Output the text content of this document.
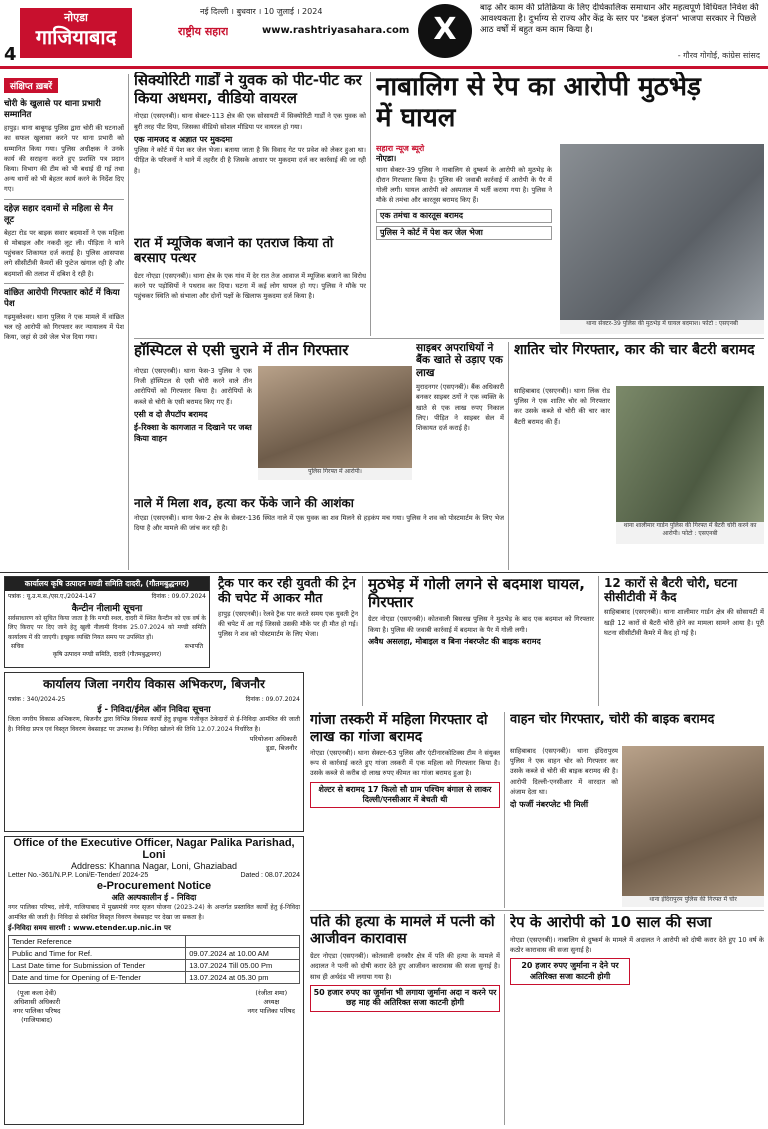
4
नोएडा
गाजियाबाद
नई दिल्ली । बुधवार । 10 जुलाई । 2024
राष्ट्रीय सहारा	www.rashtriyasahara.com X
बाढ़ और काम की प्रतिक्रिया के लिए दीर्घकालिक समाधान और महत्वपूर्ण विधिवत निवेश की आवश्यकता है। दुर्भाग्य से राज्य और केंद्र के स्तर पर 'डबल इंजन' भाजपा सरकार ने पिछले आठ वर्षों में बहुत कम काम किया है।
- गौरव गोगोई, कांग्रेस सांसद
संक्षिप्त ख़बरें
चोरी के खुलासे पर थाना प्रभारी सम्मानित
हापुड़। थाना बाबूगढ़ पुलिस द्वारा चोरी की घटनाओं का सफल खुलासा करने पर थाना प्रभारी को सम्मानित किया गया। पुलिस अधीक्षक ने उनके कार्य की सराहना करते हुए प्रशस्ति पत्र प्रदान किया। विभाग की टीम को भी बधाई दी गई तथा अन्य थानों को भी बेहतर कार्य करने के निर्देश दिए गए।
दहेज़ सहार दवामों से महिला से मैन लूट
बेहटा रोड पर बाइक सवार बदमाशों ने एक महिला से मोबाइल और नकदी लूट ली। पीड़िता ने थाने पहुंचकर शिकायत दर्ज कराई है। पुलिस आसपास लगे सीसीटीवी कैमरों की फुटेज खंगाल रही है और बदमाशों की तलाश में दबिश दे रही है।
वांछित आरोपी गिरफ्तार कोर्ट में किया पेश
गढ़मुक्तेश्वर। थाना पुलिस ने एक मामले में वांछित चल रहे आरोपी को गिरफ्तार कर न्यायालय में पेश किया, जहां से उसे जेल भेज दिया गया।
सिक्योरिटी गार्डों ने युवक को पीट-पीट कर किया अधमरा, वीडियो वायरल
नोएडा (एसएनबी)। थाना सेक्टर-113 क्षेत्र की एक सोसायटी में सिक्योरिटी गार्डों ने एक युवक को बुरी तरह पीट दिया, जिसका वीडियो सोशल मीडिया पर वायरल हो गया।
एक नामजद व अज्ञात पर मुकदमा
पुलिस ने कोर्ट में पेश कर जेल भेजा। बताया जाता है कि विवाद गेट पर प्रवेश को लेकर हुआ था। पीड़ित के परिजनों ने थाने में तहरीर दी है जिसके आधार पर मुकदमा दर्ज कर कार्रवाई की जा रही है।
रात में म्यूजिक बजाने का एतराज किया तो बरसाए पत्थर
ग्रेटर नोएडा (एसएनबी)। थाना क्षेत्र के एक गांव में देर रात तेज आवाज में म्यूजिक बजाने का विरोध करने पर पड़ोसियों ने पथराव कर दिया। घटना में कई लोग घायल हो गए। पुलिस ने मौके पर पहुंचकर स्थिति को संभाला और दोनों पक्षों के खिलाफ मुकदमा दर्ज किया है।
नाबालिग से रेप का आरोपी मुठभेड़ में घायल
सहारा न्यूज ब्यूरो
नोएडा।
थाना सेक्टर-39 पुलिस ने नाबालिग से दुष्कर्म के आरोपी को मुठभेड़ के दौरान गिरफ्तार किया है। पुलिस की जवाबी कार्रवाई में आरोपी के पैर में गोली लगी। घायल आरोपी को अस्पताल में भर्ती कराया गया है। पुलिस ने मौके से तमंचा और कारतूस बरामद किए हैं।
एक तमंचा व कारतूस बरामद
पुलिस ने कोर्ट में पेश कर जेल भेजा
थाना सेक्टर-39 पुलिस की मुठभेड़ में घायल बदमाश। फोटो : एसएनबी
हॉस्पिटल से एसी चुराने में तीन गिरफ्तार
नोएडा (एसएनबी)। थाना फेस-3 पुलिस ने एक निजी हॉस्पिटल से एसी चोरी करने वाले तीन आरोपियों को गिरफ्तार किया है। आरोपियों के कब्जे से चोरी के एसी बरामद किए गए हैं।
एसी व दो लैपटॉप बरामद
ई-रिक्शा के कागजात न दिखाने पर जब्त किया वाहन
पुलिस गिरफ्त में आरोपी।
नाले में मिला शव, हत्या कर फेंके जाने की आशंका
नोएडा (एसएनबी)। थाना फेस-2 क्षेत्र के सेक्टर-136 स्थित नाले में एक युवक का शव मिलने से हड़कंप मच गया। पुलिस ने शव को पोस्टमार्टम के लिए भेज दिया है और मामले की जांच कर रही है।
साइबर अपराधियों ने बैंक खाते से उड़ाए एक लाख
मुरादनगर (एसएनबी)। बैंक अधिकारी बनकर साइबर ठगों ने एक व्यक्ति के खाते से एक लाख रुपए निकाल लिए। पीड़ित ने साइबर सेल में शिकायत दर्ज कराई है।
शातिर चोर गिरफ्तार, कार की चार बैटरी बरामद
साहिबाबाद (एसएनबी)। थाना लिंक रोड पुलिस ने एक शातिर चोर को गिरफ्तार कर उसके कब्जे से चोरी की चार कार बैटरी बरामद की हैं।
थाना शालीमार गार्डन पुलिस की गिरफ्त में बैटरी चोरी करने का आरोपी। फोटो : एसएनबी
कार्यालय कृषि उत्पादन मण्डी समिति दादरी, (गौतमबुद्धनगर)
पत्रांक : यू.उ.म.स./एस.ए./2024-147	दिनांक : 09.07.2024
कैन्टीन नीलामी सूचना
सर्वसाधारण को सूचित किया जाता है कि मण्डी स्थल, दादरी में स्थित कैन्टीन को एक वर्ष के लिए किराए पर दिए जाने हेतु खुली नीलामी दिनांक 25.07.2024 को मण्डी समिति कार्यालय में की जाएगी। इच्छुक व्यक्ति नियत समय पर उपस्थित हों।
सचिव	सभापति
कृषि उत्पादन मण्डी समिति, दादरी (गौतमबुद्धनगर)
ट्रैक पार कर रही युवती की ट्रेन की चपेट में आकर मौत
हापुड़ (एसएनबी)। रेलवे ट्रैक पार करते समय एक युवती ट्रेन की चपेट में आ गई जिससे उसकी मौके पर ही मौत हो गई। पुलिस ने शव को पोस्टमार्टम के लिए भेजा।
मुठभेड़ में गोली लगने से बदमाश घायल, गिरफ्तार
ग्रेटर नोएडा (एसएनबी)। कोतवाली बिसरख पुलिस ने मुठभेड़ के बाद एक बदमाश को गिरफ्तार किया है। पुलिस की जवाबी कार्रवाई में बदमाश के पैर में गोली लगी।
अवैध असलहा, मोबाइल व बिना नंबरप्लेट की बाइक बरामद
12 कारों से बैटरी चोरी, घटना सीसीटीवी में कैद
साहिबाबाद (एसएनबी)। थाना शालीमार गार्डन क्षेत्र की सोसायटी में खड़ी 12 कारों से बैटरी चोरी होने का मामला सामने आया है। पूरी घटना सीसीटीवी कैमरे में कैद हो गई है।
कार्यालय जिला नगरीय विकास अभिकरण, बिजनौर
पत्रांक : 340/2024-25	दिनांक : 09.07.2024
ई - निविदा/ईमेल ऑन निविदा सूचना
जिला नगरीय विकास अभिकरण, बिजनौर द्वारा विभिन्न विकास कार्यों हेतु इच्छुक पंजीकृत ठेकेदारों से ई-निविदा आमंत्रित की जाती है। निविदा प्रपत्र एवं विस्तृत विवरण वेबसाइट पर उपलब्ध है। निविदा खोलने की तिथि 12.07.2024 निर्धारित है।
परियोजना अधिकारी
डूडा, बिजनौर
Office of the Executive Officer, Nagar Palika Parishad, Loni
Address: Khanna Nagar, Loni, Ghaziabad
Letter No.-361/N.P.P. Loni/E-Tender/ 2024-25	Dated : 08.07.2024
e-Procurement Notice
अति अल्पकालीन ई - निविदा
नगर पालिका परिषद, लोनी, गाजियाबाद में मुख्यमंत्री नगर सृजन योजना (2023-24) के अन्तर्गत प्रस्तावित कार्यों हेतु ई-निविदा आमंत्रित की जाती है। निविदा से संबंधित विस्तृत विवरण वेबसाइट पर देखा जा सकता है।
ई-निविदा समय सारणी : www.etender.up.nic.in पर
Tender Reference	
Public and Time for Ref.	09.07.2024 at 10.00 AM
Last Date time for Submission of Tender	13.07.2024 Till 05.00 Pm
Date and time for Opening of E-Tender	13.07.2024 at 05.30 pm
(पूजा कला देवी)
अधिशासी अधिकारी
नगर पालिका परिषद
(गाजियाबाद)
(रंजीता शमा)
अध्यक्ष
नगर पालिका परिषद
गांजा तस्करी में महिला गिरफ्तार दो लाख का गांजा बरामद
नोएडा (एसएनबी)। थाना सेक्टर-63 पुलिस और एंटीनारकोटिक्स टीम ने संयुक्त रूप से कार्रवाई करते हुए गांजा तस्करी में एक महिला को गिरफ्तार किया है। उसके कब्जे से करीब दो लाख रुपए कीमत का गांजा बरामद हुआ है।
शेल्टर से बरामद 17 किलो सौ ग्राम पश्चिम बंगाल से लाकर दिल्ली/एनसीआर में बेचती थी
वाहन चोर गिरफ्तार, चोरी की बाइक बरामद
साहिबाबाद (एसएनबी)। थाना इंदिरापुरम पुलिस ने एक वाहन चोर को गिरफ्तार कर उसके कब्जे से चोरी की बाइक बरामद की है। आरोपी दिल्ली-एनसीआर में वारदात को अंजाम देता था।
दो फर्जी नंबरप्लेट भी मिलीं
थाना इंदिरापुरम पुलिस की गिरफ्त में चोर
पति की हत्या के मामले में पत्नी को आजीवन कारावास
ग्रेटर नोएडा (एसएनबी)। कोतवाली दनकौर क्षेत्र में पति की हत्या के मामले में अदालत ने पत्नी को दोषी करार देते हुए आजीवन कारावास की सजा सुनाई है। साथ ही अर्थदंड भी लगाया गया है।
50 हजार रुपए का जुर्माना भी लगाया जुर्माना अदा न करने पर छह माह की अतिरिक्त सजा काटनी होगी
रेप के आरोपी को 10 साल की सजा
नोएडा (एसएनबी)। नाबालिग से दुष्कर्म के मामले में अदालत ने आरोपी को दोषी करार देते हुए 10 वर्ष के कठोर कारावास की सजा सुनाई है।
20 हजार रुपए जुर्माना न देने पर अतिरिक्त सजा काटनी होगी
